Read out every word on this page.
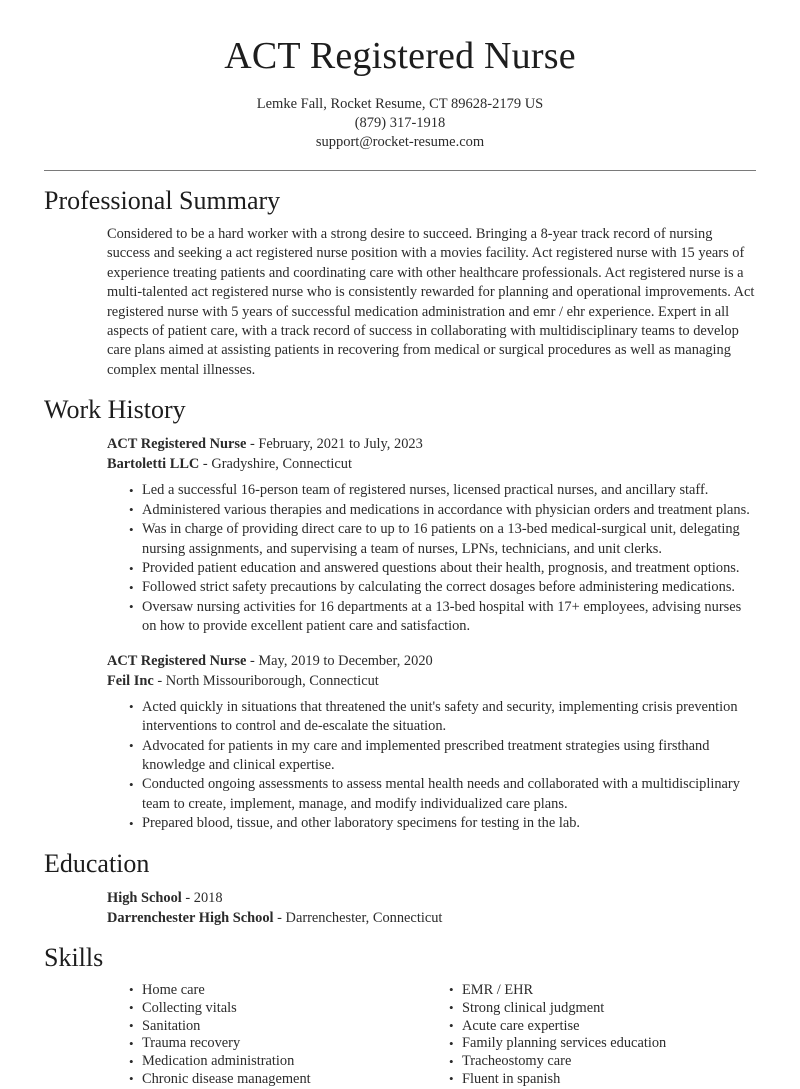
ACT Registered Nurse

Lemke Fall, Rocket Resume, CT 89628-2179 US

(879) 317-1918

support@rocket-resume.com

Professional Summary

Considered to be a hard worker with a strong desire to succeed. Bringing a 8-year track record of nursing success and seeking a act registered nurse position with a movies facility. Act registered nurse with 15 years of experience treating patients and coordinating care with other healthcare professionals. Act registered nurse is a multi-talented act registered nurse who is consistently rewarded for planning and operational improvements. Act registered nurse with 5 years of successful medication administration and emr / ehr experience. Expert in all aspects of patient care, with a track record of success in collaborating with multidisciplinary teams to develop care plans aimed at assisting patients in recovering from medical or surgical procedures as well as managing complex mental illnesses.

Work History
ACT Registered Nurse - February, 2021 to July, 2023
Bartoletti LLC - Gradyshire, Connecticut
• Led a successful 16-person team of registered nurses, licensed practical nurses, and ancillary staff.
• Administered various therapies and medications in accordance with physician orders and treatment plans.
• Was in charge of providing direct care to up to 16 patients on a 13-bed medical-surgical unit, delegating nursing assignments, and supervising a team of nurses, LPNs, technicians, and unit clerks.
• Provided patient education and answered questions about their health, prognosis, and treatment options.
• Followed strict safety precautions by calculating the correct dosages before administering medications.
• Oversaw nursing activities for 16 departments at a 13-bed hospital with 17+ employees, advising nurses on how to provide excellent patient care and satisfaction.
ACT Registered Nurse - May, 2019 to December, 2020
Feil Inc - North Missouriborough, Connecticut
• Acted quickly in situations that threatened the unit's safety and security, implementing crisis prevention interventions to control and de-escalate the situation.
• Advocated for patients in my care and implemented prescribed treatment strategies using firsthand knowledge and clinical expertise.
• Conducted ongoing assessments to assess mental health needs and collaborated with a multidisciplinary team to create, implement, manage, and modify individualized care plans.
• Prepared blood, tissue, and other laboratory specimens for testing in the lab.
Education
High School - 2018
Darrenchester High School - Darrenchester, Connecticut
Skills
• Home care
• Collecting vitals
• Sanitation
• Trauma recovery
• Medication administration
• Chronic disease management
• EMR / EHR
• Strong clinical judgment
• Acute care expertise
• Family planning services education
• Tracheostomy care
• Fluent in spanish
